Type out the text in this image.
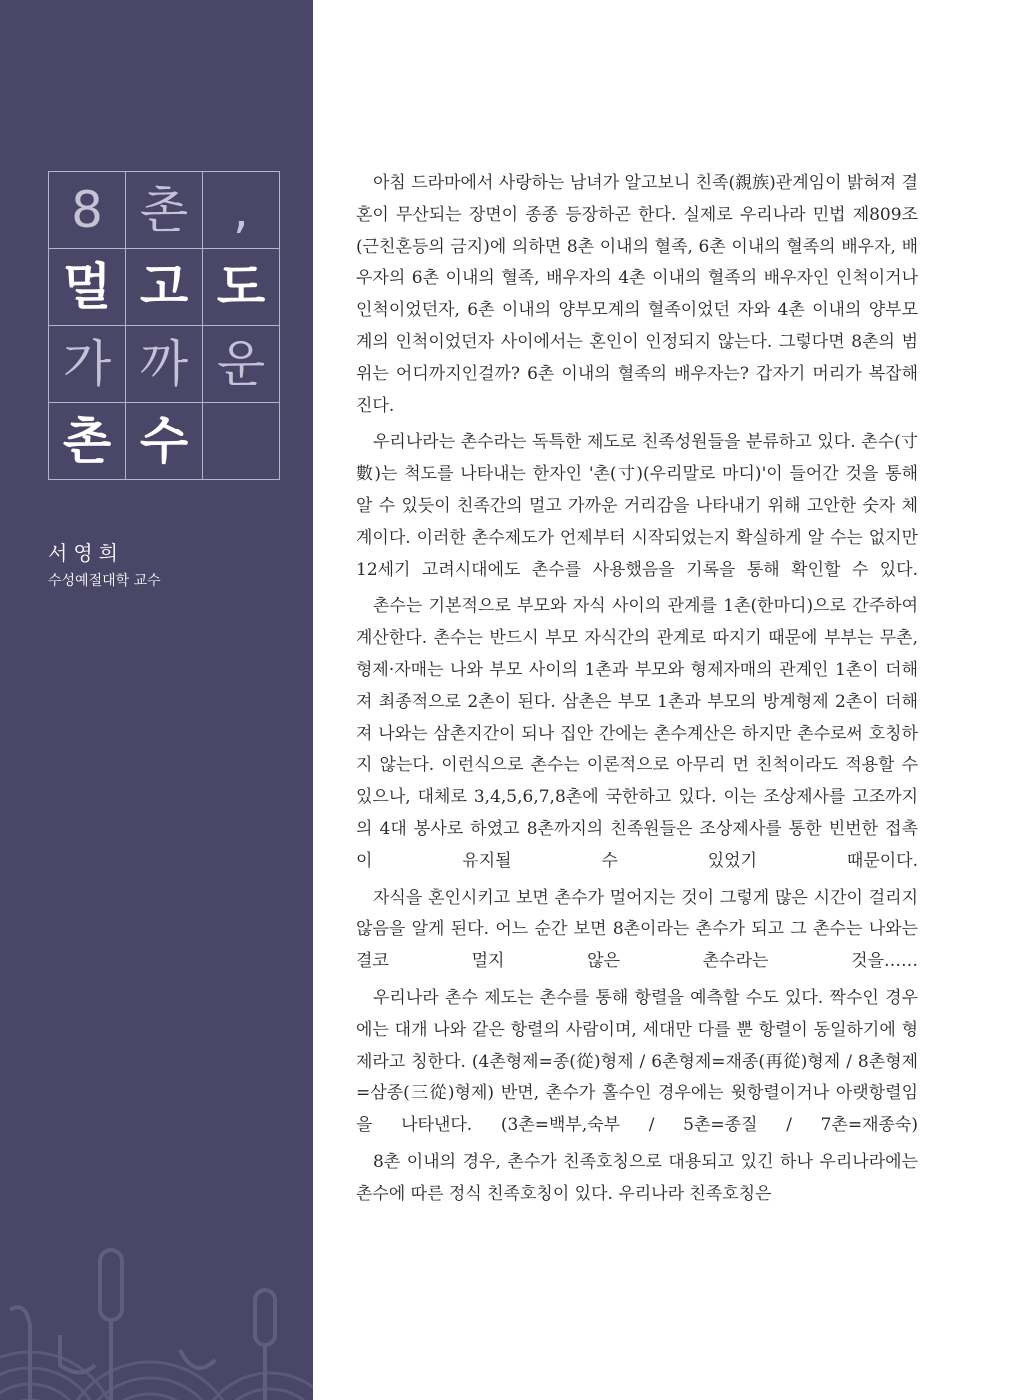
8 촌 ,
멀 고 도
가 까 운
촌 수
서영희
수성예절대학 교수

아침 드라마에서 사랑하는 남녀가 알고보니 친족(親族)관계임이 밝혀져 결혼이 무산되는 장면이 종종 등장하곤 한다. 실제로 우리나라 민법 제809조(근친혼등의 금지)에 의하면 8촌 이내의 혈족, 6촌 이내의 혈족의 배우자, 배우자의 6촌 이내의 혈족, 배우자의 4촌 이내의 혈족의 배우자인 인척이거나 인척이었던자, 6촌 이내의 양부모계의 혈족이었던 자와 4촌 이내의 양부모계의 인척이었던자 사이에서는 혼인이 인정되지 않는다. 그렇다면 8촌의 범위는 어디까지인걸까? 6촌 이내의 혈족의 배우자는? 갑자기 머리가 복잡해 진다.

우리나라는 촌수라는 독특한 제도로 친족성원들을 분류하고 있다. 촌수(寸數)는 척도를 나타내는 한자인 '촌(寸)(우리말로 마디)'이 들어간 것을 통해 알 수 있듯이 친족간의 멀고 가까운 거리감을 나타내기 위해 고안한 숫자 체계이다. 이러한 촌수제도가 언제부터 시작되었는지 확실하게 알 수는 없지만 12세기 고려시대에도 촌수를 사용했음을 기록을 통해 확인할 수 있다.

촌수는 기본적으로 부모와 자식 사이의 관계를 1촌(한마디)으로 간주하여 계산한다. 촌수는 반드시 부모 자식간의 관계로 따지기 때문에 부부는 무촌, 형제·자매는 나와 부모 사이의 1촌과 부모와 형제자매의 관계인 1촌이 더해져 최종적으로 2촌이 된다. 삼촌은 부모 1촌과 부모의 방계형제 2촌이 더해져 나와는 삼촌지간이 되나 집안 간에는 촌수계산은 하지만 촌수로써 호칭하지 않는다. 이런식으로 촌수는 이론적으로 아무리 먼 친척이라도 적용할 수 있으나, 대체로 3,4,5,6,7,8촌에 국한하고 있다. 이는 조상제사를 고조까지의 4대 봉사로 하였고 8촌까지의 친족원들은 조상제사를 통한 빈번한 접촉이 유지될 수 있었기 때문이다.

자식을 혼인시키고 보면 촌수가 멀어지는 것이 그렇게 많은 시간이 걸리지 않음을 알게 된다. 어느 순간 보면 8촌이라는 촌수가 되고 그 촌수는 나와는 결코 멀지 않은 촌수라는 것을……

우리나라 촌수 제도는 촌수를 통해 항렬을 예측할 수도 있다. 짝수인 경우에는 대개 나와 같은 항렬의 사람이며, 세대만 다를 뿐 항렬이 동일하기에 형제라고 칭한다. (4촌형제=종(從)형제 / 6촌형제=재종(再從)형제 / 8촌형제=삼종(三從)형제) 반면, 촌수가 홀수인 경우에는 윗항렬이거나 아랫항렬임을 나타낸다. (3촌=백부,숙부 / 5촌=종질 / 7촌=재종숙)

8촌 이내의 경우, 촌수가 친족호칭으로 대용되고 있긴 하나 우리나라에는 촌수에 따른 정식 친족호칭이 있다. 우리나라 친족호칭은
